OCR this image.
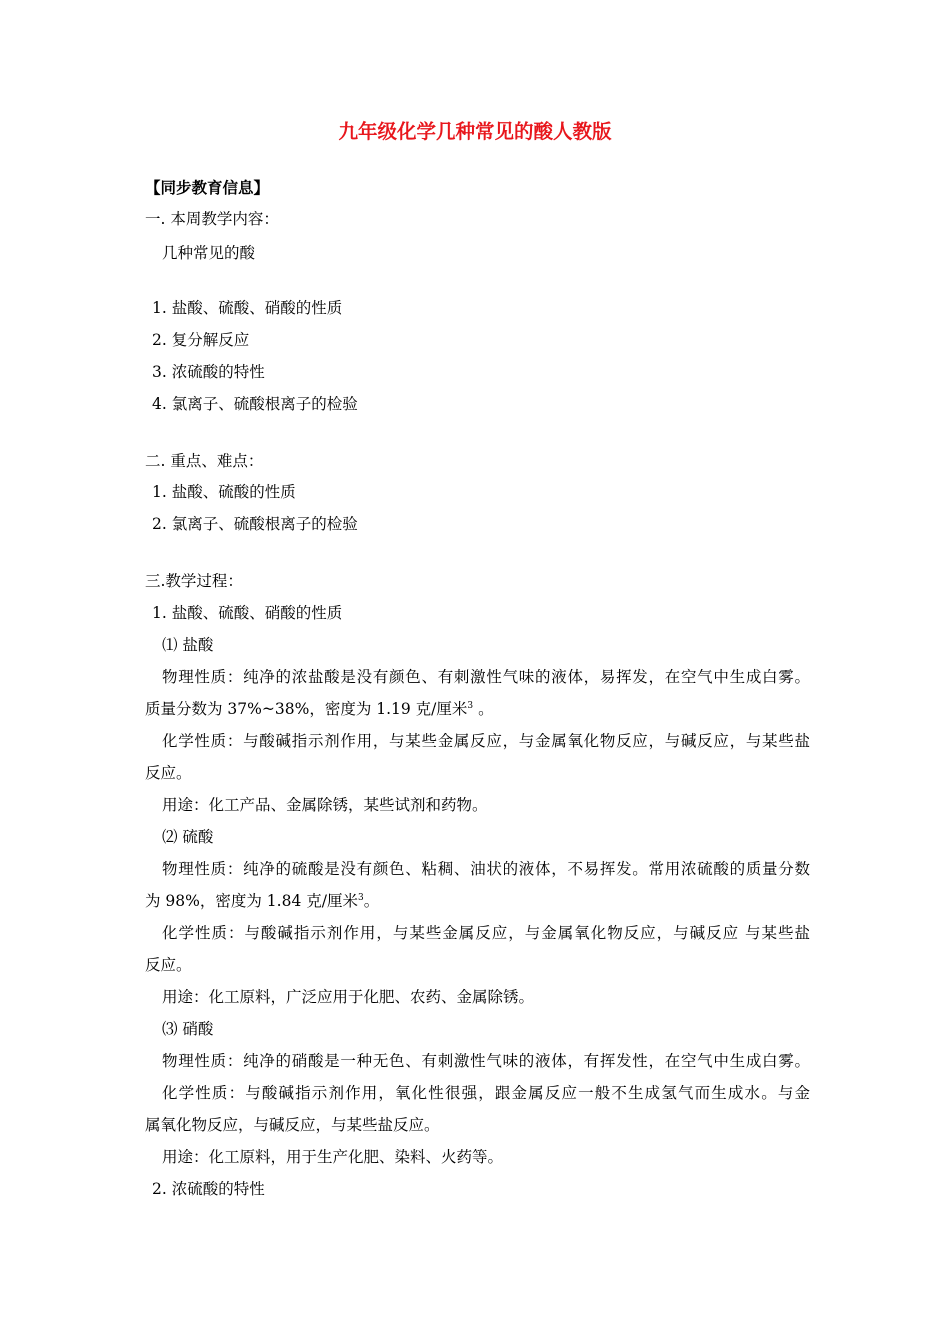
九年级化学几种常见的酸人教版
【同步教育信息】
一. 本周教学内容：
几种常见的酸
1. 盐酸、硫酸、硝酸的性质
2. 复分解反应
3. 浓硫酸的特性
4. 氯离子、硫酸根离子的检验
二. 重点、难点：
1. 盐酸、硫酸的性质
2. 氯离子、硫酸根离子的检验
三.教学过程：
1. 盐酸、硫酸、硝酸的性质
⑴ 盐酸
物理性质：纯净的浓盐酸是没有颜色、有刺激性气味的液体，易挥发，在空气中生成白雾。
质量分数为 37%~38%，密度为 1.19 克/厘米$^3$ 。
化学性质：与酸碱指示剂作用，与某些金属反应，与金属氧化物反应，与碱反应，与某些盐
反应。
用途：化工产品、金属除锈，某些试剂和药物。
⑵ 硫酸
物理性质：纯净的硫酸是没有颜色、粘稠、油状的液体，不易挥发。常用浓硫酸的质量分数
为 98%，密度为 1.84 克/厘米$^3$。
化学性质：与酸碱指示剂作用，与某些金属反应，与金属氧化物反应，与碱反应 与某些盐
反应。
用途：化工原料，广泛应用于化肥、农药、金属除锈。
⑶ 硝酸
物理性质：纯净的硝酸是一种无色、有刺激性气味的液体，有挥发性，在空气中生成白雾。
化学性质：与酸碱指示剂作用，氧化性很强，跟金属反应一般不生成氢气而生成水。与金
属氧化物反应，与碱反应，与某些盐反应。
用途：化工原料，用于生产化肥、染料、火药等。
2. 浓硫酸的特性
